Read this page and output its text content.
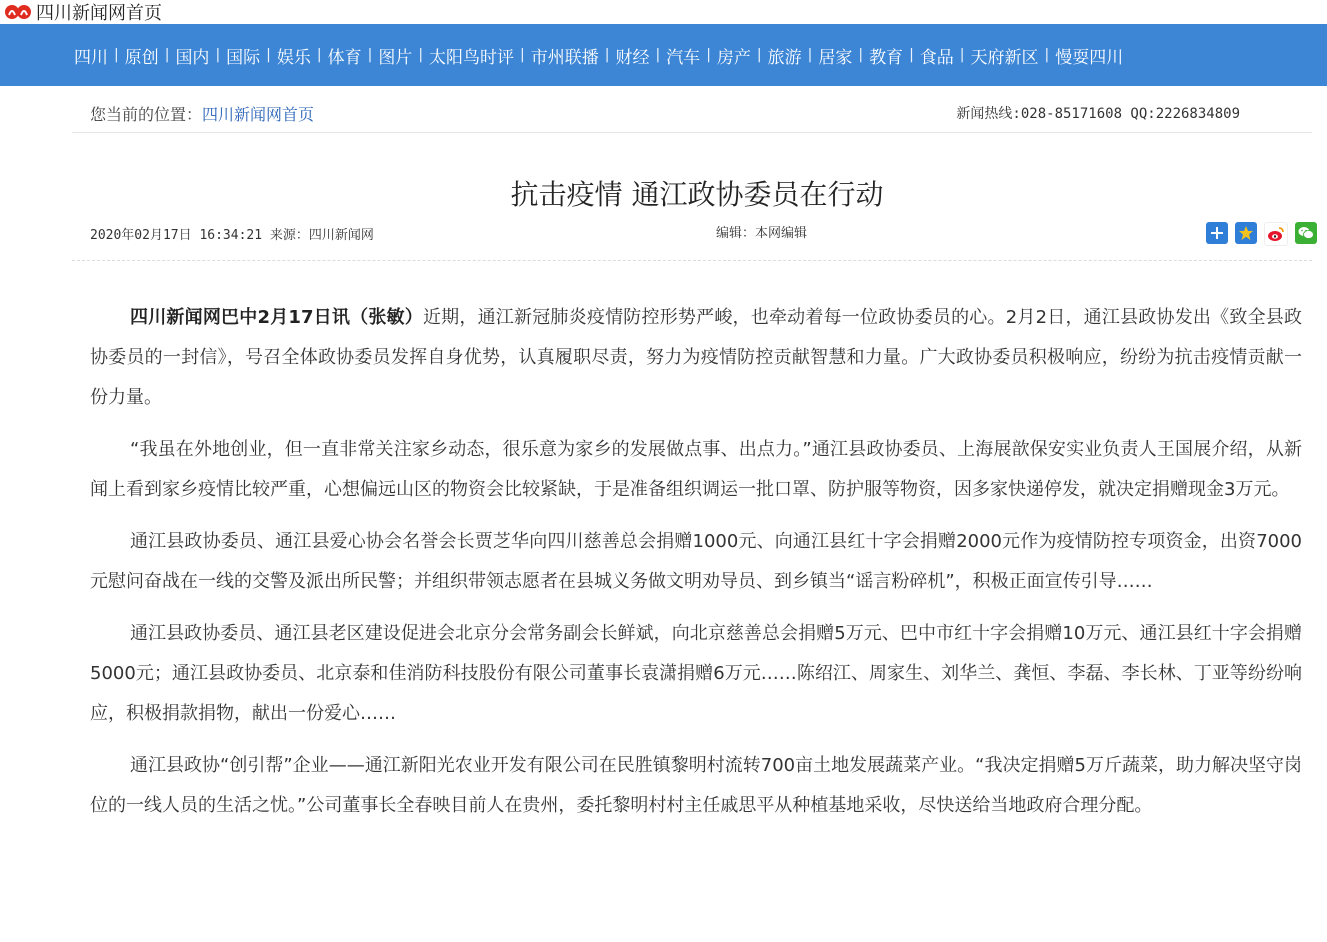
四川新闻网首页
四川 | 原创 | 国内 | 国际 | 娱乐 | 体育 | 图片 | 太阳鸟时评 | 市州联播 | 财经 | 汽车 | 房产 | 旅游 | 居家 | 教育 | 食品 | 天府新区 | 慢耍四川
您当前的位置：四川新闻网首页	新闻热线:028-85171608 QQ:2226834809
抗击疫情 通江政协委员在行动
2020年02月17日 16:34:21 来源：四川新闻网	编辑：本网编辑

四川新闻网巴中2月17日讯（张敏）近期，通江新冠肺炎疫情防控形势严峻，也牵动着每一位政协委员的心。2月2日，通江县政协发出《致全县政协委员的一封信》，号召全体政协委员发挥自身优势，认真履职尽责，努力为疫情防控贡献智慧和力量。广大政协委员积极响应，纷纷为抗击疫情贡献一份力量。

“我虽在外地创业，但一直非常关注家乡动态，很乐意为家乡的发展做点事、出点力。”通江县政协委员、上海展歆保安实业负责人王国展介绍，从新闻上看到家乡疫情比较严重，心想偏远山区的物资会比较紧缺，于是准备组织调运一批口罩、防护服等物资，因多家快递停发，就决定捐赠现金3万元。

通江县政协委员、通江县爱心协会名誉会长贾芝华向四川慈善总会捐赠1000元、向通江县红十字会捐赠2000元作为疫情防控专项资金，出资7000元慰问奋战在一线的交警及派出所民警；并组织带领志愿者在县城义务做文明劝导员、到乡镇当“谣言粉碎机”，积极正面宣传引导……

通江县政协委员、通江县老区建设促进会北京分会常务副会长鲜斌，向北京慈善总会捐赠5万元、巴中市红十字会捐赠10万元、通江县红十字会捐赠5000元；通江县政协委员、北京泰和佳消防科技股份有限公司董事长袁潇捐赠6万元……陈绍江、周家生、刘华兰、龚恒、李磊、李长林、丁亚等纷纷响应，积极捐款捐物，献出一份爱心……

通江县政协“创引帮”企业——通江新阳光农业开发有限公司在民胜镇黎明村流转700亩土地发展蔬菜产业。“我决定捐赠5万斤蔬菜，助力解决坚守岗位的一线人员的生活之忧。”公司董事长全春映目前人在贵州，委托黎明村村主任戚思平从种植基地采收，尽快送给当地政府合理分配。
